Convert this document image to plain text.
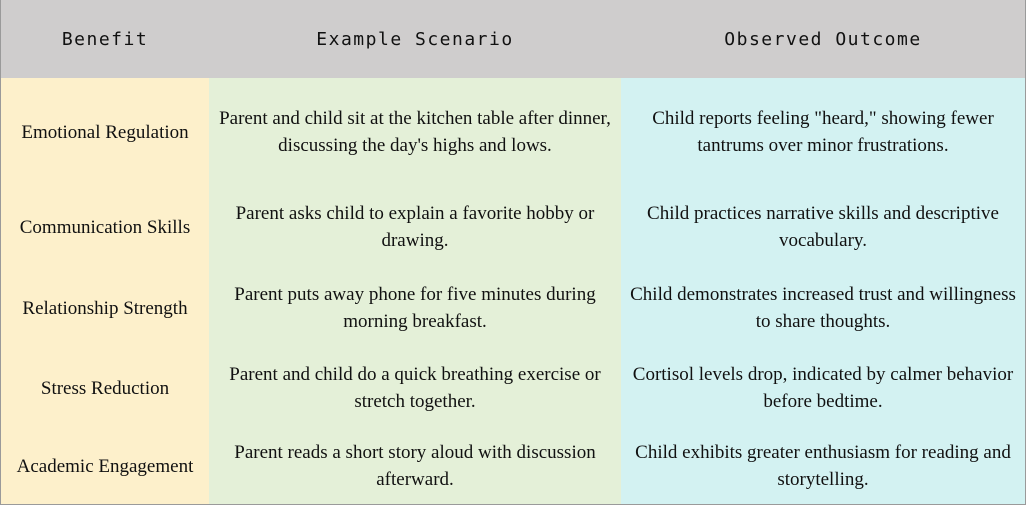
Benefit	Example Scenario	Observed Outcome
Emotional Regulation	Parent and child sit at the kitchen table after dinner, discussing the day's highs and lows.	Child reports feeling "heard," showing fewer tantrums over minor frustrations.
Communication Skills	Parent asks child to explain a favorite hobby or drawing.	Child practices narrative skills and descriptive vocabulary.
Relationship Strength	Parent puts away phone for five minutes during morning breakfast.	Child demonstrates increased trust and willingness to share thoughts.
Stress Reduction	Parent and child do a quick breathing exercise or stretch together.	Cortisol levels drop, indicated by calmer behavior before bedtime.
Academic Engagement	Parent reads a short story aloud with discussion afterward.	Child exhibits greater enthusiasm for reading and storytelling.
